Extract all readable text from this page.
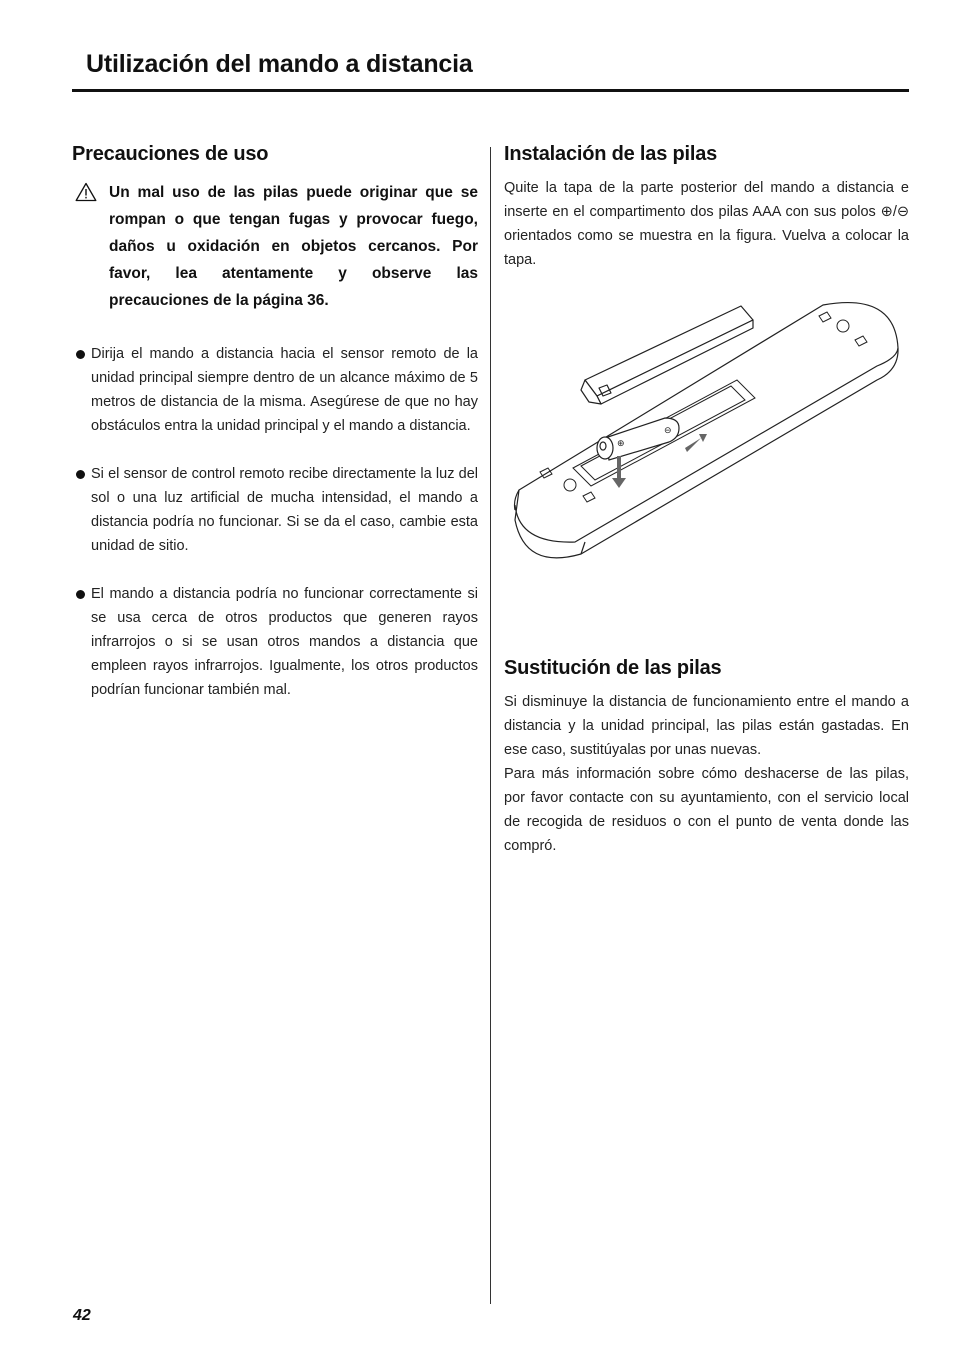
Utilización del mando a distancia
Precauciones de uso

Un mal uso de las pilas puede originar que se rompan o que tengan fugas y provocar fuego, daños u oxidación en objetos cercanos. Por favor, lea atentamente y observe las precauciones de la página 36.

Dirija el mando a distancia hacia el sensor remoto de la unidad principal siempre dentro de un alcance máximo de 5 metros de distancia de la misma. Asegúrese de que no hay obstáculos entra la unidad principal y el mando a distancia.
Si el sensor de control remoto recibe directamente la luz del sol o una luz artificial de mucha intensidad, el mando a distancia podría no funcionar. Si se da el caso, cambie esta unidad de sitio.
El mando a distancia podría no funcionar correctamente si se usa cerca de otros productos que generen rayos infrarrojos o si se usan otros mandos a distancia que empleen rayos infrarrojos. Igualmente, los otros productos podrían funcionar también mal.
Instalación de las pilas

Quite la tapa de la parte posterior del mando a distancia e inserte en el compartimento dos pilas AAA con sus polos ⊕/⊖ orientados como se muestra en la figura. Vuelva a colocar la tapa.

⊕
⊖
Sustitución de las pilas

Si disminuye la distancia de funcionamiento entre el mando a distancia y la unidad principal, las pilas están gastadas. En ese caso, sustitúyalas por unas nuevas.

Para más información sobre cómo deshacerse de las pilas, por favor contacte con su ayuntamiento, con el servicio local de recogida de residuos o con el punto de venta donde las compró.

42
